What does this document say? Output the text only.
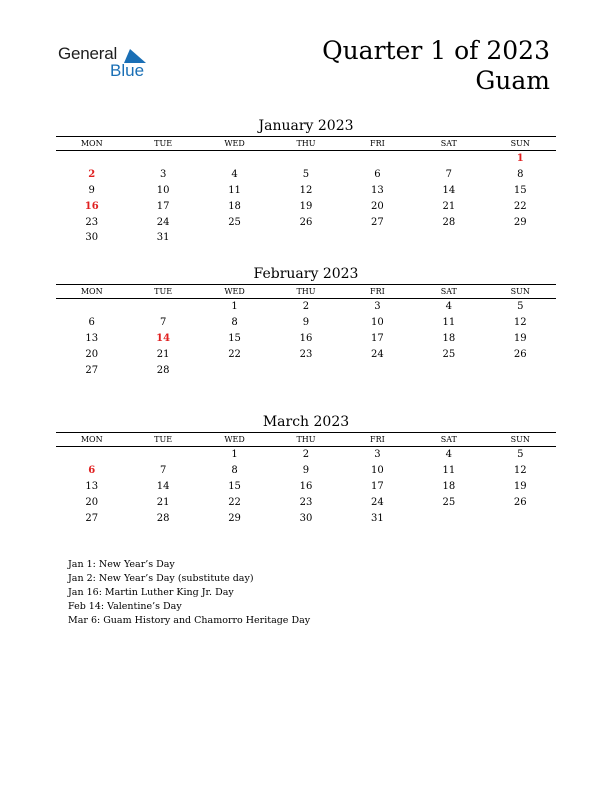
General
Blue
Quarter 1 of 2023
Guam
January 2023
MON	TUE	WED	THU	FRI	SAT	SUN
						1
2	3	4	5	6	7	8
9	10	11	12	13	14	15
16	17	18	19	20	21	22
23	24	25	26	27	28	29
30	31					
February 2023
MON	TUE	WED	THU	FRI	SAT	SUN
		1	2	3	4	5
6	7	8	9	10	11	12
13	14	15	16	17	18	19
20	21	22	23	24	25	26
27	28					
March 2023
MON	TUE	WED	THU	FRI	SAT	SUN
		1	2	3	4	5
6	7	8	9	10	11	12
13	14	15	16	17	18	19
20	21	22	23	24	25	26
27	28	29	30	31		
Jan 1: New Year’s Day
Jan 2: New Year’s Day (substitute day)
Jan 16: Martin Luther King Jr. Day
Feb 14: Valentine’s Day
Mar 6: Guam History and Chamorro Heritage Day
